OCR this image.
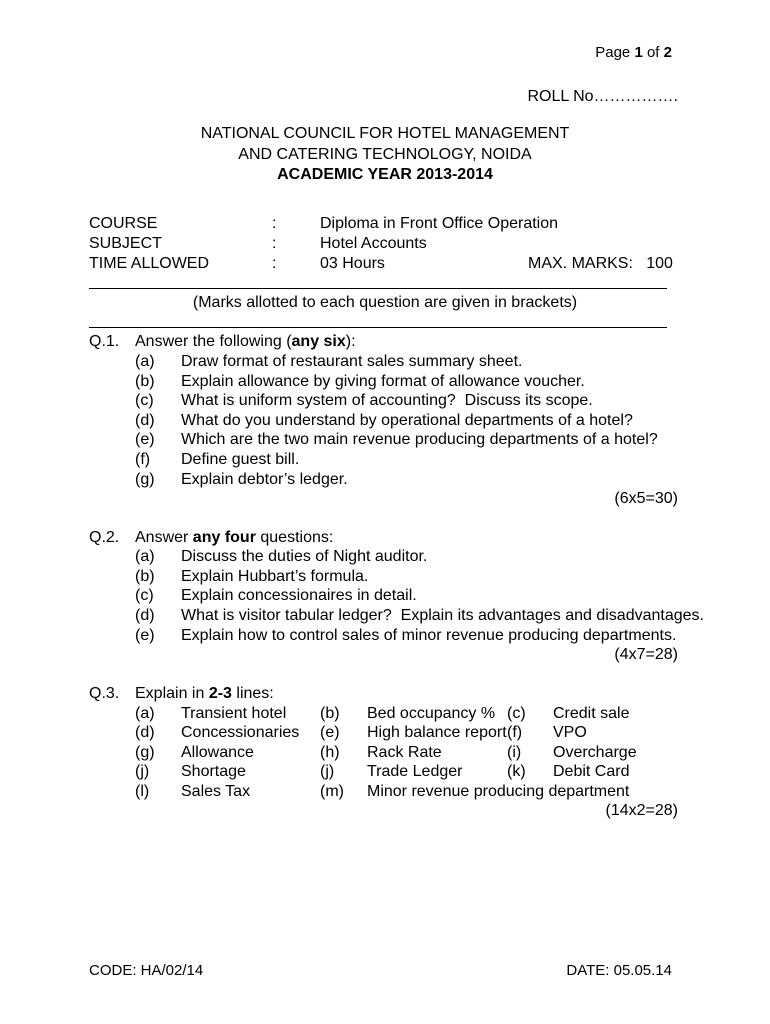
Page 1 of 2
ROLL No…………….
NATIONAL COUNCIL FOR HOTEL MANAGEMENT
AND CATERING TECHNOLOGY, NOIDA
ACADEMIC YEAR 2013-2014
COURSE	:	Diploma in Front Office Operation
SUBJECT	:	Hotel Accounts
TIME ALLOWED	:	03 Hours	MAX. MARKS:   100
(Marks allotted to each question are given in brackets)
Q.1. Answer the following (any six):
(a) Draw format of restaurant sales summary sheet.
(b) Explain allowance by giving format of allowance voucher.
(c) What is uniform system of accounting?  Discuss its scope.
(d) What do you understand by operational departments of a hotel?
(e) Which are the two main revenue producing departments of a hotel?
(f) Define guest bill.
(g) Explain debtor’s ledger.
(6x5=30)
Q.2. Answer any four questions:
(a) Discuss the duties of Night auditor.
(b) Explain Hubbart’s formula.
(c) Explain concessionaires in detail.
(d) What is visitor tabular ledger?  Explain its advantages and disadvantages.
(e) Explain how to control sales of minor revenue producing departments.
(4x7=28)
Q.3. Explain in 2-3 lines:
(a) Transient hotel (b) Bed occupancy % (c) Credit sale
(d) Concessionaries (e) High balance report (f) VPO
(g) Allowance	(h) Rack Rate	(i) Overcharge
(j) Shortage	(j) Trade Ledger	(k) Debit Card
(l) Sales Tax	(m) Minor revenue producing department
(14x2=28)
CODE: HA/02/14	DATE: 05.05.14
